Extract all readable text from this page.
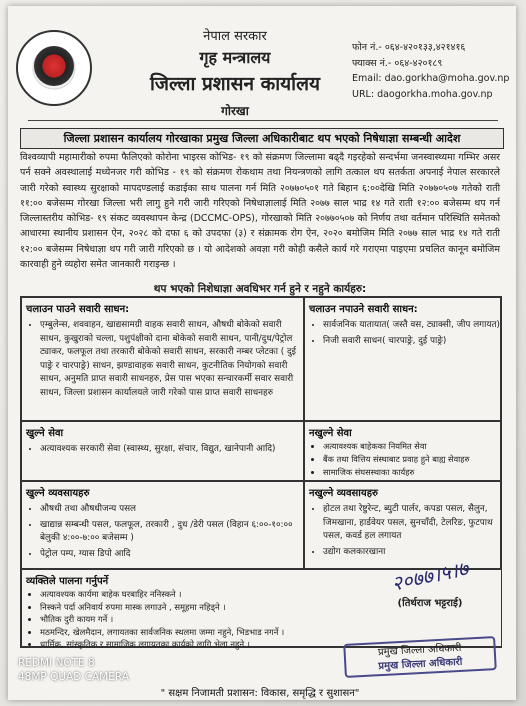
नेपाल सरकार
गृह मन्त्रालय
जिल्ला प्रशासन कार्यालय
गोरखा
फोन नं.- ०६४-४२०१३३,४२१४१६
फ्याक्स नं.- ०६४-४२०१८९
Email: dao.gorkha@moha.gov.np
URL: daogorkha.moha.gov.np
जिल्ला प्रशासन कार्यालय गोरखाका प्रमुख जिल्ला अधिकारीबाट थप भएको निषेधाज्ञा सम्बन्धी आदेश
विश्वव्यापी महामारीको रुपमा फैलिएको कोरोना भाइरस कोभिड- १९ को संक्रमण जिल्लामा बढ्दै गइरहेको सन्दर्भमा जनस्वास्थ्यमा गम्भिर असर पर्न सक्ने अवस्थालाई मध्येनजर गरी कोभिड - १९ को संक्रमण रोकथाम तथा नियन्त्रणको लागि तत्काल थप सतर्कता अपनाई नेपाल सरकारले जारी गरेको स्वास्थ्य सुरक्षाको मापदण्डलाई कडाईका साथ पालना गर्न मिति २०७७०५०१ गते बिहान ६:००देखि मिति २०७७०५०७ गतेको राती ११:०० बजेसम्म गोरखा जिल्ला भरी लागु हुने गरी जारी गरिएको निषेधाज्ञालाई मिति २०७७ साल भाद्र १४ गते राती १२:०० बजेसम्म थप गर्न जिल्लास्तरीय कोभिड- १९ संकट व्यवस्थापन केन्द्र (DCCMC-OPS), गोरखाको मिति २०७७०५०७ को निर्णय तथा वर्तमान परिस्थिति समेतको आधारमा स्थानीय प्रशासन ऐन, २०२८ को दफा ६ को उपदफा (३) र संक्रामक रोग ऐन, २०२० बमोजिम मिति २०७७ साल भाद्र १४ गते राती १२:०० बजेसम्म निषेधाज्ञा थप गरी जारी गरिएको छ । यो आदेशको अवज्ञा गरी कोही कसैले कार्य गरे गराएमा पाइएमा प्रचलित कानून बमोजिम कारवाही हुने व्यहोरा समेत जानकारी गराइन्छ ।
थप भएको निशेधाज्ञा अवधिभर गर्न हुने र नहुने कार्यहरु:
चलाउन पाउने सवारी साधन:
• एम्बुलेन्स, शववाहन, खाद्यसामग्री वाहक सवारी साधन, औषधी बोकेको सवारी साधन, कुखुराको चल्ला, पशुपंक्षीको दाना बोकेको सवारी साधन, पानी/दुध/पेट्रोल ट्याकर, फलफूल तथा तरकारी बोकेको सवारी साधन, सरकारी नम्बर प्लेटका ( दुई पाङ्रे र चारपाङ्रे) साधन, झण्डावाहक सवारी साधन, कुटनीतिक नियोगको सवारी साधन, अनुमति प्राप्त सवारी साधनहरु, प्रेस पास भएका सन्चारकर्मी सवार सवारी साधन, जिल्ला प्रशासन कार्यालयले जारी गरेको पास प्राप्त सवारी साधनहरु
चलाउन नपाउने सवारी साधन:
• सार्वजनिक यातायात( जस्तै वस, ट्याक्सी, जीप लगायत)
• निजी सवारी साधन( चारपाङ्रे, दुई पाङ्रे)
खुल्ने सेवा
• अत्यावश्यक सरकारी सेवा (स्वास्थ्य, सुरक्षा, संचार, विद्युत, खानेपानी आदि)
नखुल्ने सेवा
• अत्यावश्यक बाहेकका नियमित सेवा
• बैंक तथा वित्तिय संस्थाबाट प्रवाह हुने बाह्य सेवाहरु
• सामाजिक संघसस्थाका कार्यहरु
खुल्ने व्यवसायहरु
• औषधी तथा औषधीजन्य पसल
• खाद्यान्न सम्बन्धी पसल, फलफूल, तरकारी , दुध /डेरी पसल (विहान ६:००-१०:०० बेलुकी ४:००-७:०० बजेसम्म )
• पेट्रोल पम्प, ग्यास डिपो आदि
नखुल्ने व्यवसायहरु
• होटल तथा रेष्टुरेन्ट, ब्युटी पार्लर, कपडा पसल, सैलुन, जिमखाना, हार्डवेयर पसल, सुनचाँदी, टेलरिङ, फुटपाथ पसल, कवर्ड हल लगायत
• उद्योग कलकारखाना
व्यक्तिले पालना गर्नुपर्ने
• अत्यावश्यक कार्यमा बाहेक घरबाहिर ननिस्कने ।
• निस्कने पर्दा अनिवार्य रुपमा मास्क लगाउने , समूहमा नहिड्ने ।
• भौतिक दुरी कायम गर्ने ।
• मठमन्दिर, खेलमैदान, लगायतका सार्वजनिक स्थलमा जम्मा नहुने, भिडभाड नगर्ने ।
• धार्मिक, सांस्कृतिक र सामाजिक लगायतका कार्यको लागि भेला नहुने ।
२०७७।५।७
(तिर्थराज भट्टराई)
प्रमुख जिल्ला अधिकारी
प्रमुख जिल्ला अधिकारी
REDMI NOTE 8
48MP QUAD CAMERA
" सक्षम निजामती प्रशासन: विकास, समृद्धि र सुशासन"
